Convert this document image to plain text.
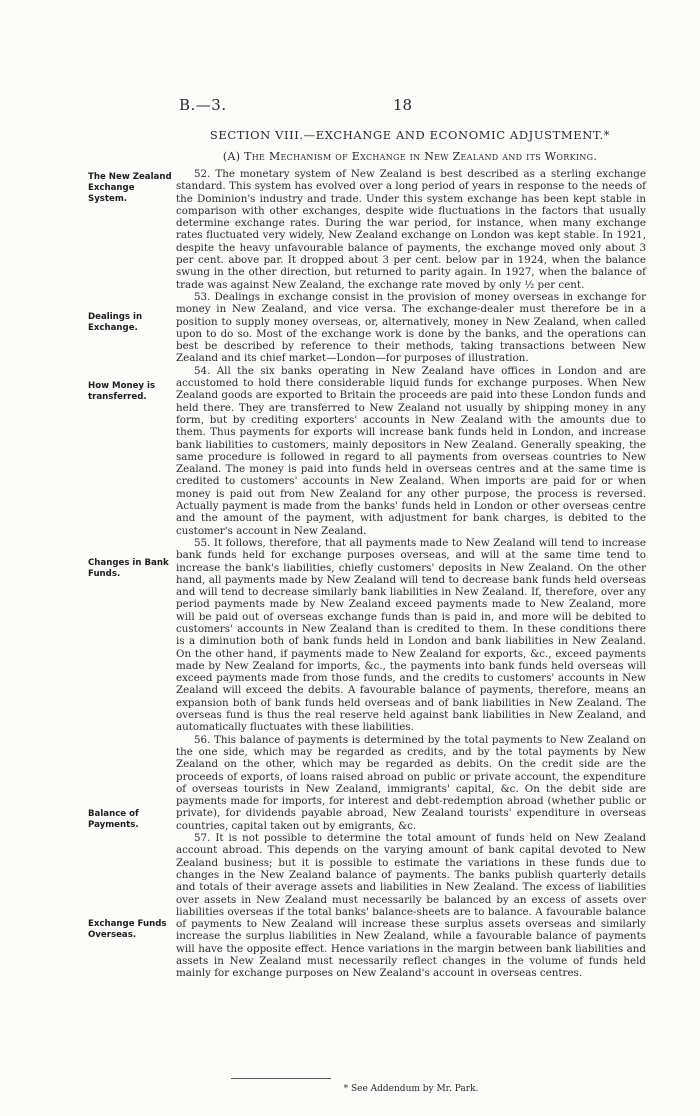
B.—3.	18
SECTION VIII.—EXCHANGE AND ECONOMIC ADJUSTMENT.*
(A) The Mechanism of Exchange in New Zealand and its Working.
The New Zealand Exchange System.
Dealings in Exchange.
How Money is transferred.
Changes in Bank Funds.
Balance of Payments.
Exchange Funds Overseas.

52. The monetary system of New Zealand is best described as a sterling exchange standard. This system has evolved over a long period of years in response to the needs of the Dominion's industry and trade. Under this system exchange has been kept stable in comparison with other exchanges, despite wide fluctuations in the factors that usually determine exchange rates. During the war period, for instance, when many exchange rates fluctuated very widely, New Zealand exchange on London was kept stable. In 1921, despite the heavy unfavourable balance of payments, the exchange moved only about 3 per cent. above par. It dropped about 3 per cent. below par in 1924, when the balance swung in the other direction, but returned to parity again. In 1927, when the balance of trade was against New Zealand, the exchange rate moved by only ½ per cent.

53. Dealings in exchange consist in the provision of money overseas in exchange for money in New Zealand, and vice versa. The exchange-dealer must therefore be in a position to supply money overseas, or, alternatively, money in New Zealand, when called upon to do so. Most of the exchange work is done by the banks, and the operations can best be described by reference to their methods, taking transactions between New Zealand and its chief market—London—for purposes of illustration.

54. All the six banks operating in New Zealand have offices in London and are accustomed to hold there considerable liquid funds for exchange purposes. When New Zealand goods are exported to Britain the proceeds are paid into these London funds and held there. They are transferred to New Zealand not usually by shipping money in any form, but by crediting exporters' accounts in New Zealand with the amounts due to them. Thus payments for exports will increase bank funds held in London, and increase bank liabilities to customers, mainly depositors in New Zealand. Generally speaking, the same procedure is followed in regard to all payments from overseas countries to New Zealand. The money is paid into funds held in overseas centres and at the same time is credited to customers' accounts in New Zealand. When imports are paid for or when money is paid out from New Zealand for any other purpose, the process is reversed. Actually payment is made from the banks' funds held in London or other overseas centre and the amount of the payment, with adjustment for bank charges, is debited to the customer's account in New Zealand.

55. It follows, therefore, that all payments made to New Zealand will tend to increase bank funds held for exchange purposes overseas, and will at the same time tend to increase the bank's liabilities, chiefly customers' deposits in New Zealand. On the other hand, all payments made by New Zealand will tend to decrease bank funds held overseas and will tend to decrease similarly bank liabilities in New Zealand. If, therefore, over any period payments made by New Zealand exceed payments made to New Zealand, more will be paid out of overseas exchange funds than is paid in, and more will be debited to customers' accounts in New Zealand than is credited to them. In these conditions there is a diminution both of bank funds held in London and bank liabilities in New Zealand. On the other hand, if payments made to New Zealand for exports, &c., exceed payments made by New Zealand for imports, &c., the payments into bank funds held overseas will exceed payments made from those funds, and the credits to customers' accounts in New Zealand will exceed the debits. A favourable balance of payments, therefore, means an expansion both of bank funds held overseas and of bank liabilities in New Zealand. The overseas fund is thus the real reserve held against bank liabilities in New Zealand, and automatically fluctuates with these liabilities.

56. This balance of payments is determined by the total payments to New Zealand on the one side, which may be regarded as credits, and by the total payments by New Zealand on the other, which may be regarded as debits. On the credit side are the proceeds of exports, of loans raised abroad on public or private account, the expenditure of overseas tourists in New Zealand, immigrants' capital, &c. On the debit side are payments made for imports, for interest and debt-redemption abroad (whether public or private), for dividends payable abroad, New Zealand tourists' expenditure in overseas countries, capital taken out by emigrants, &c.

57. It is not possible to determine the total amount of funds held on New Zealand account abroad. This depends on the varying amount of bank capital devoted to New Zealand business; but it is possible to estimate the variations in these funds due to changes in the New Zealand balance of payments. The banks publish quarterly details and totals of their average assets and liabilities in New Zealand. The excess of liabilities over assets in New Zealand must necessarily be balanced by an excess of assets over liabilities overseas if the total banks' balance-sheets are to balance. A favourable balance of payments to New Zealand will increase these surplus assets overseas and similarly increase the surplus liabilities in New Zealand, while a favourable balance of payments will have the opposite effect. Hence variations in the margin between bank liabilities and assets in New Zealand must necessarily reflect changes in the volume of funds held mainly for exchange purposes on New Zealand's account in overseas centres.

* See Addendum by Mr. Park.
